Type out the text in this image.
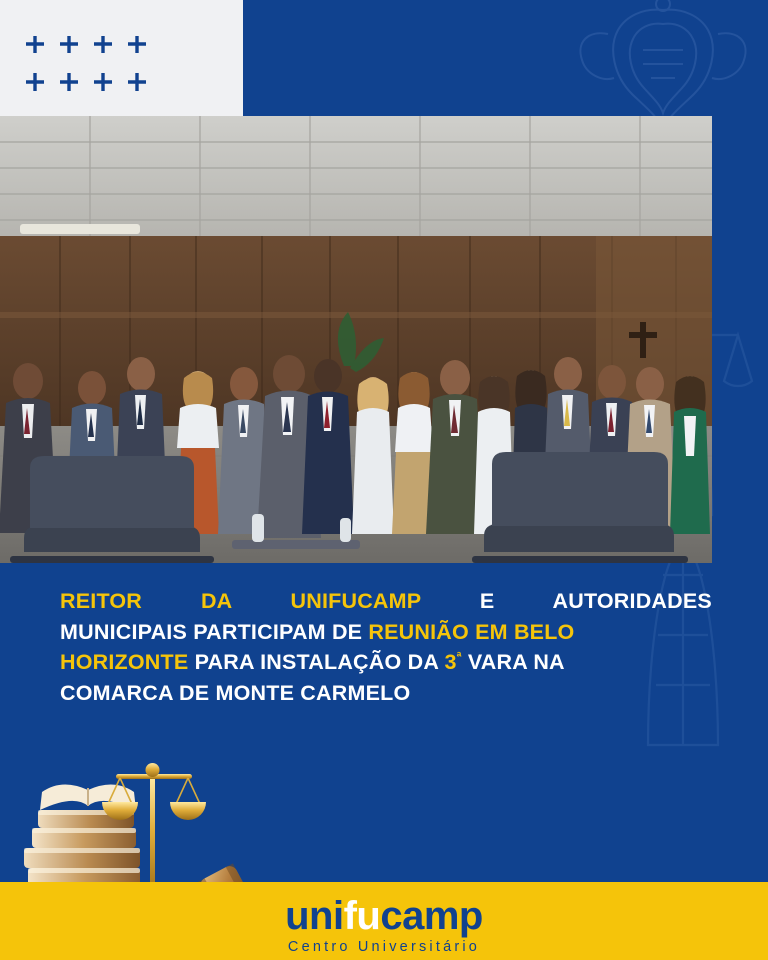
REITOR	DA	UNIFUCAMP	E	AUTORIDADES
MUNICIPAIS PARTICIPAM DE REUNIÃO EM BELO
HORIZONTE PARA INSTALAÇÃO DA $3^ª$ VARA NA
COMARCA DE MONTE CARMELO
unifucamp
Centro Universitário
